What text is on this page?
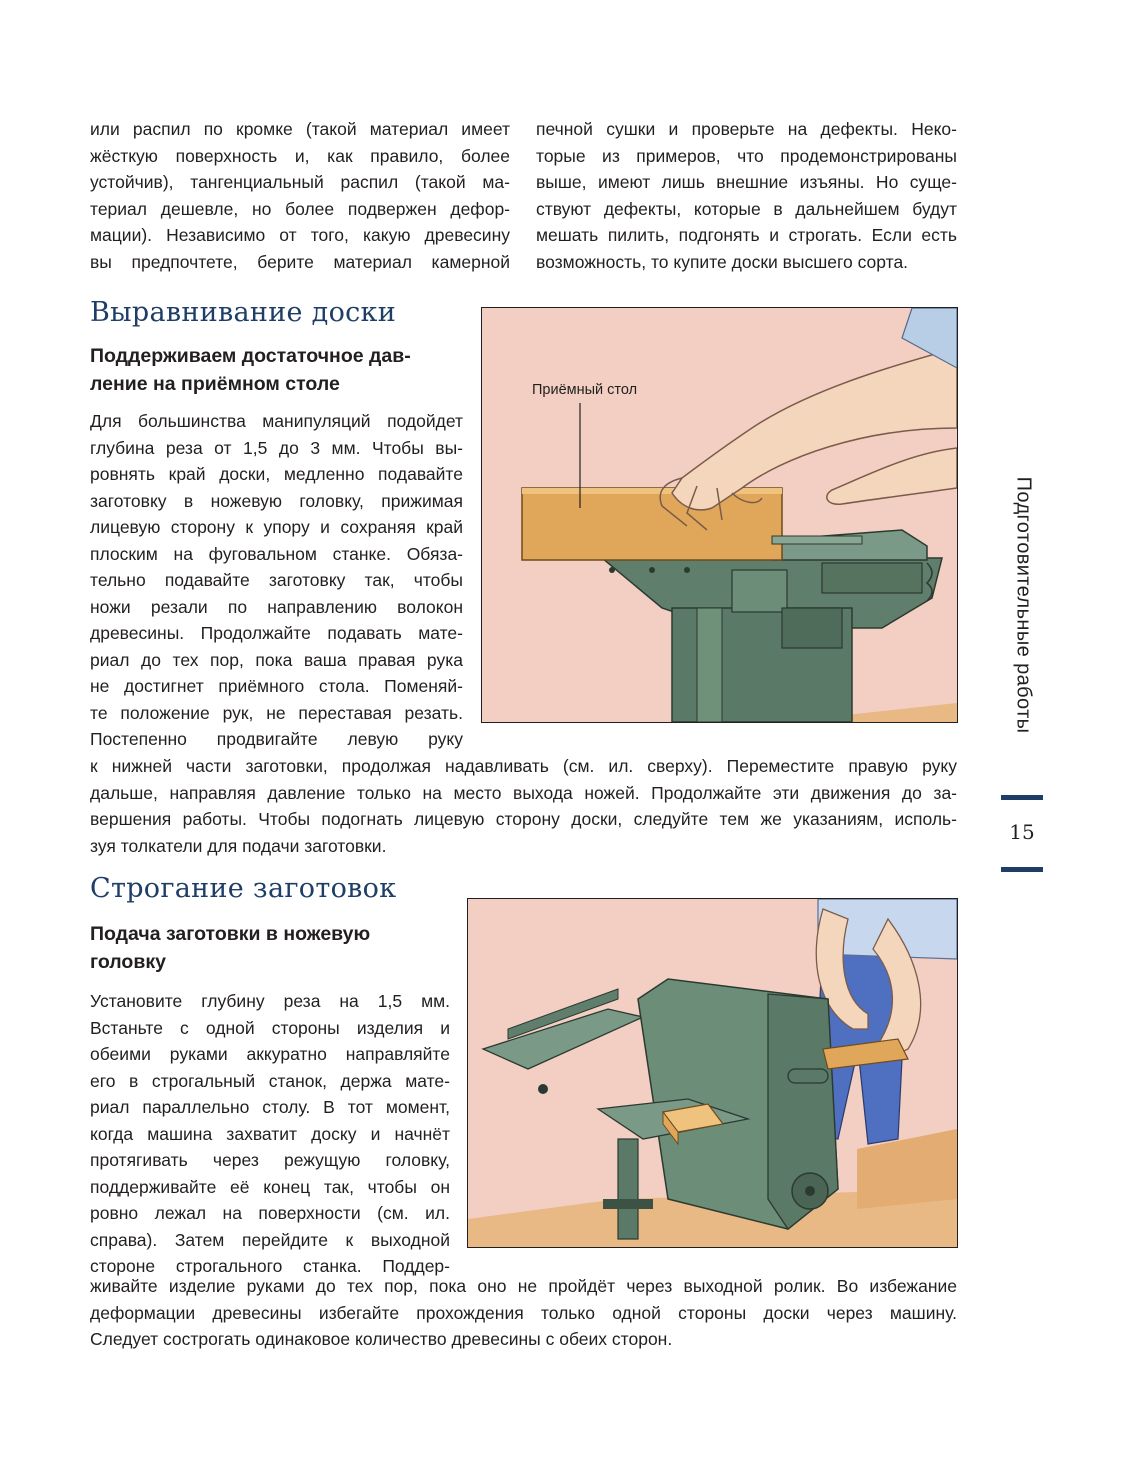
или распил по кромке (такой материал имеет
жёсткую поверхность и, как правило, более
устойчив), тангенциальный распил (такой ма-
териал дешевле, но более подвержен дефор-
мации). Независимо от того, какую древесину
вы предпочтете, берите материал камерной
печной сушки и проверьте на дефекты. Неко-
торые из примеров, что продемонстрированы
выше, имеют лишь внешние изъяны. Но суще-
ствуют дефекты, которые в дальнейшем будут
мешать пилить, подгонять и строгать. Если есть
возможность, то купите доски высшего сорта.
Выравнивание доски
Поддерживаем достаточное дав-
ление на приёмном столе
Для большинства манипуляций подойдет
глубина реза от 1,5 до 3 мм. Чтобы вы-
ровнять край доски, медленно подавайте
заготовку в ножевую головку, прижимая
лицевую сторону к упору и сохраняя край
плоским на фуговальном станке. Обяза-
тельно подавайте заготовку так, чтобы
ножи резали по направлению волокон
древесины. Продолжайте подавать мате-
риал до тех пор, пока ваша правая рука
не достигнет приёмного стола. Поменяй-
те положение рук, не переставая резать.
Постепенно продвигайте левую руку
к нижней части заготовки, продолжая надавливать (см. ил. сверху). Переместите правую руку
дальше, направляя давление только на место выхода ножей. Продолжайте эти движения до за-
вершения работы. Чтобы подогнать лицевую сторону доски, следуйте тем же указаниям, исполь-
зуя толкатели для подачи заготовки.
Приёмный стол
Строгание заготовок
Подача заготовки в ножевую
головку
Установите глубину реза на 1,5 мм.
Встаньте с одной стороны изделия и
обеими руками аккуратно направляйте
его в строгальный станок, держа мате-
риал параллельно столу. В тот момент,
когда машина захватит доску и начнёт
протягивать через режущую головку,
поддерживайте её конец так, чтобы он
ровно лежал на поверхности (см. ил.
справа). Затем перейдите к выходной
стороне строгального станка. Поддер-
живайте изделие руками до тех пор, пока оно не пройдёт через выходной ролик. Во избежание
деформации древесины избегайте прохождения только одной стороны доски через машину.
Следует сострогать одинаковое количество древесины с обеих сторон.
Подготовительные работы
15
